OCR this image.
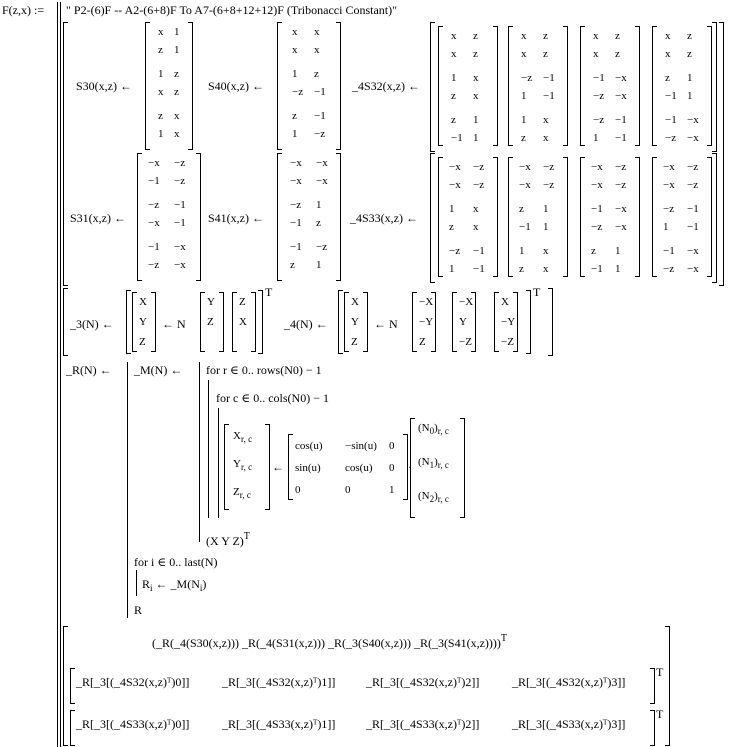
F(z,x) := " P2-(6)F -- A2-(6+8)F To A7-(6+8+12+12)F (Tribonacci Constant)"
S30(x,z) ←
x 1
z 1
1 z
x z
z x
1 x
S40(x,z) ←
x x
x x
1 z
−z −1
z −1
1 −z
_4S32(x,z) ←
S31(x,z) ←
−x −z
−1 −z
−z −1
−x −1
−1 −x
−z −x
S41(x,z) ←
−x −x
−x −x
−z 1
−1 z
−1 −z
z 1
_4S33(x,z) ←
_3(N) ←	_4(N) ←
_R(N) ← _M(N) ← for r ∈ 0.. rows(N0) − 1
for c ∈ 0.. cols(N0) − 1
$X_{r, c}$
$Y_{r, c}$
$Z_{r, c}$
←
cos(u) −sin(u) 0
sin(u) cos(u) 0
0	0	1
·
$(N_0)_{r, c}$
$(N_1)_{r, c}$
$(N_2)_{r, c}$
(X Y Z)$^T$
for i ∈ 0.. last(N)
$R_i$ ← $\_M(N_i)$
R
(_R(_4(S30(x,z))) _R(_4(S31(x,z))) _R(_3(S40(x,z))) _R(_3(S41(x,z))))$^T$
x z
x z
1 x
z x
z 1
−1 1
x z
x z
−z −1
1 −1
1 x
z x
x z
x z
−1 −x
−z −x
−z −1
1 −1
x z
x z
z 1
−1 1
−1 −x
−z −x
−x −z
−x −z
1 x
z x
−z −1
1 −1
−x −z
−x −z
z 1
−1 1
1 x
z x
−x −z
−x −z
−1 −x
−z −x
z 1
−1 1
−x −z
−x −z
−z −1
1 −1
−1 −x
−z −x
X
Y
Z
← N
Y
Z
Z
X
T
X
Y
Z
← N
−X
−Y
Z
−X
Y
−Z
X
−Y
−Z
T
_R[_3[(_4S32(x,z)ᵀ)0]]	_R[_3[(_4S32(x,z)ᵀ)1]]	_R[_3[(_4S32(x,z)ᵀ)2]]	_R[_3[(_4S32(x,z)ᵀ)3]]
T
_R[_3[(_4S33(x,z)ᵀ)0]]	_R[_3[(_4S33(x,z)ᵀ)1]]	_R[_3[(_4S33(x,z)ᵀ)2]]	_R[_3[(_4S33(x,z)ᵀ)3]]
T
